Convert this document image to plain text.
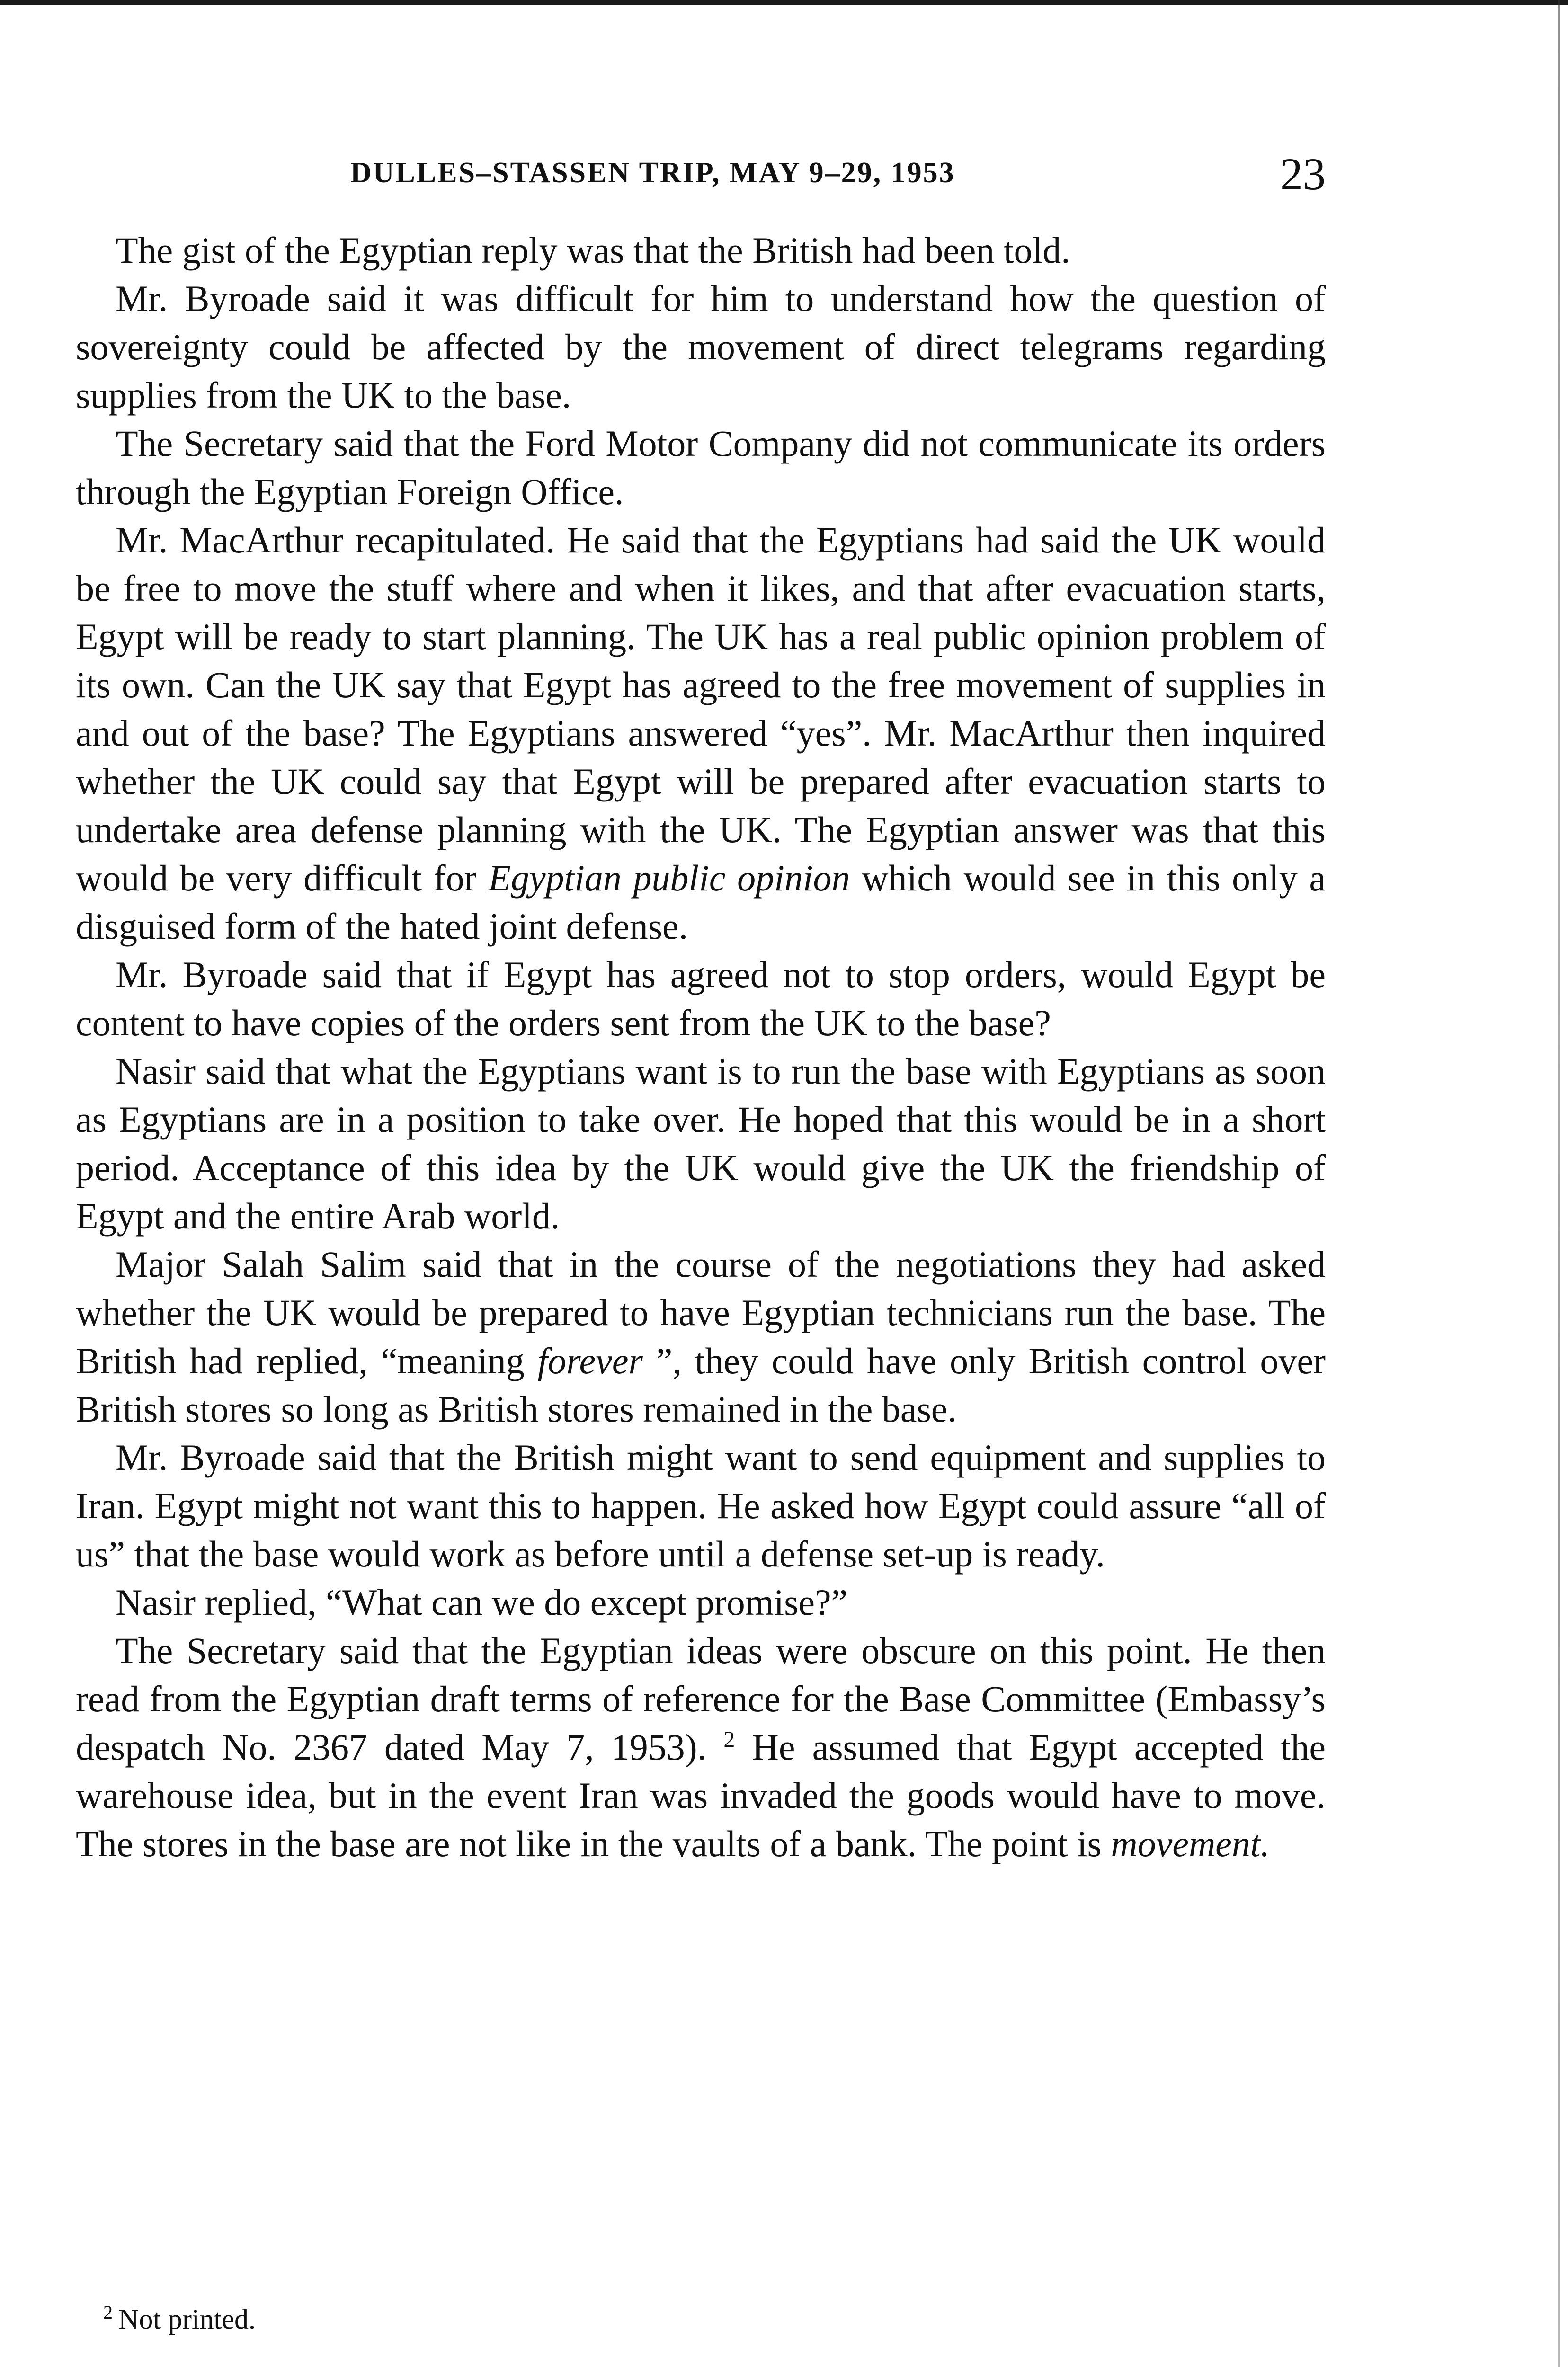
DULLES–STASSEN TRIP, MAY 9–29, 1953	23

The gist of the Egyptian reply was that the British had been told.

Mr. Byroade said it was difficult for him to understand how the question of sovereignty could be affected by the movement of direct telegrams regarding supplies from the UK to the base.

The Secretary said that the Ford Motor Company did not communicate its orders through the Egyptian Foreign Office.

Mr. MacArthur recapitulated. He said that the Egyptians had said the UK would be free to move the stuff where and when it likes, and that after evacuation starts, Egypt will be ready to start planning. The UK has a real public opinion problem of its own. Can the UK say that Egypt has agreed to the free movement of supplies in and out of the base? The Egyptians answered “yes”. Mr. MacArthur then inquired whether the UK could say that Egypt will be prepared after evacuation starts to undertake area defense planning with the UK. The Egyptian answer was that this would be very difficult for Egyptian public opinion which would see in this only a disguised form of the hated joint defense.

Mr. Byroade said that if Egypt has agreed not to stop orders, would Egypt be content to have copies of the orders sent from the UK to the base?

Nasir said that what the Egyptians want is to run the base with Egyptians as soon as Egyptians are in a position to take over. He hoped that this would be in a short period. Acceptance of this idea by the UK would give the UK the friendship of Egypt and the entire Arab world.

Major Salah Salim said that in the course of the negotiations they had asked whether the UK would be prepared to have Egyptian technicians run the base. The British had replied, “meaning forever ”, they could have only British control over British stores so long as British stores remained in the base.

Mr. Byroade said that the British might want to send equipment and supplies to Iran. Egypt might not want this to happen. He asked how Egypt could assure “all of us” that the base would work as before until a defense set-up is ready.

Nasir replied, “What can we do except promise?”

The Secretary said that the Egyptian ideas were obscure on this point. He then read from the Egyptian draft terms of reference for the Base Committee (Embassy’s despatch No. 2367 dated May 7, 1953). $^2$ He assumed that Egypt accepted the warehouse idea, but in the event Iran was invaded the goods would have to move. The stores in the base are not like in the vaults of a bank. The point is movement.

$^2$ Not printed.
